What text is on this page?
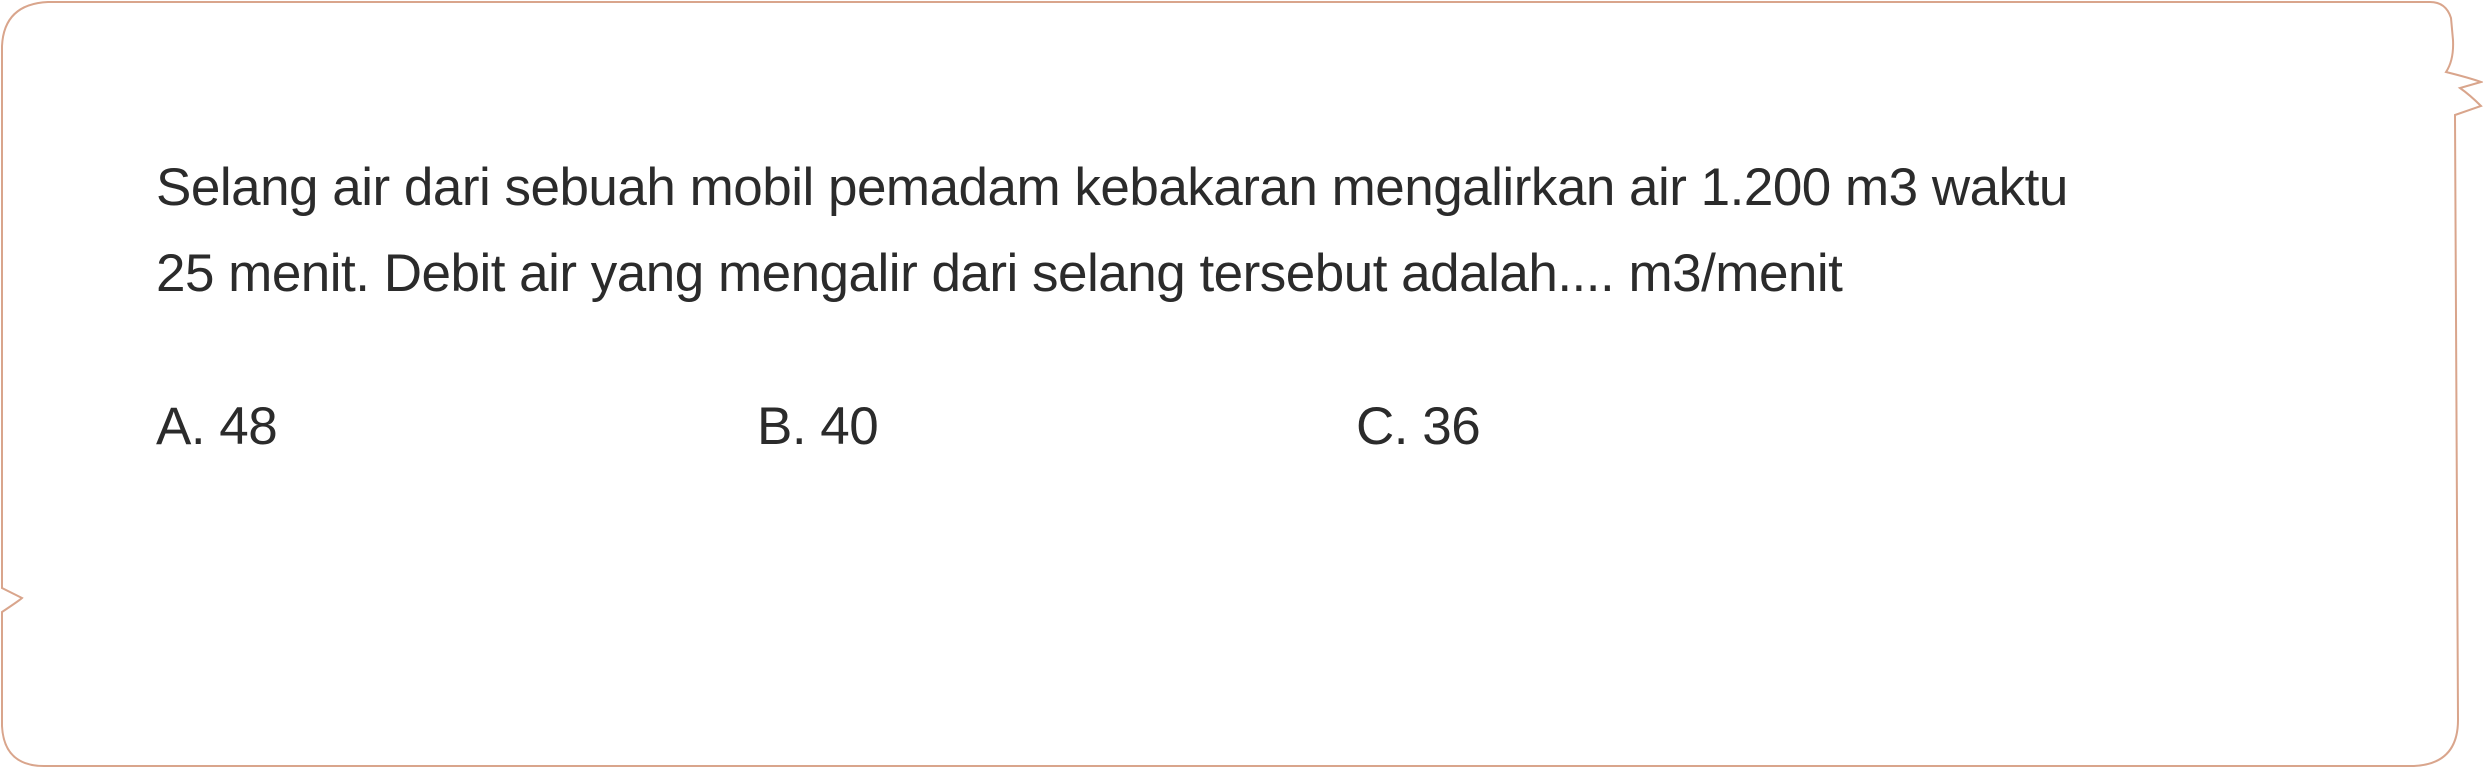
Selang air dari sebuah mobil pemadam kebakaran mengalirkan air 1.200 m3 waktu
25 menit. Debit air yang mengalir dari selang tersebut adalah.... m3/menit
A. 48	B. 40	C. 36
